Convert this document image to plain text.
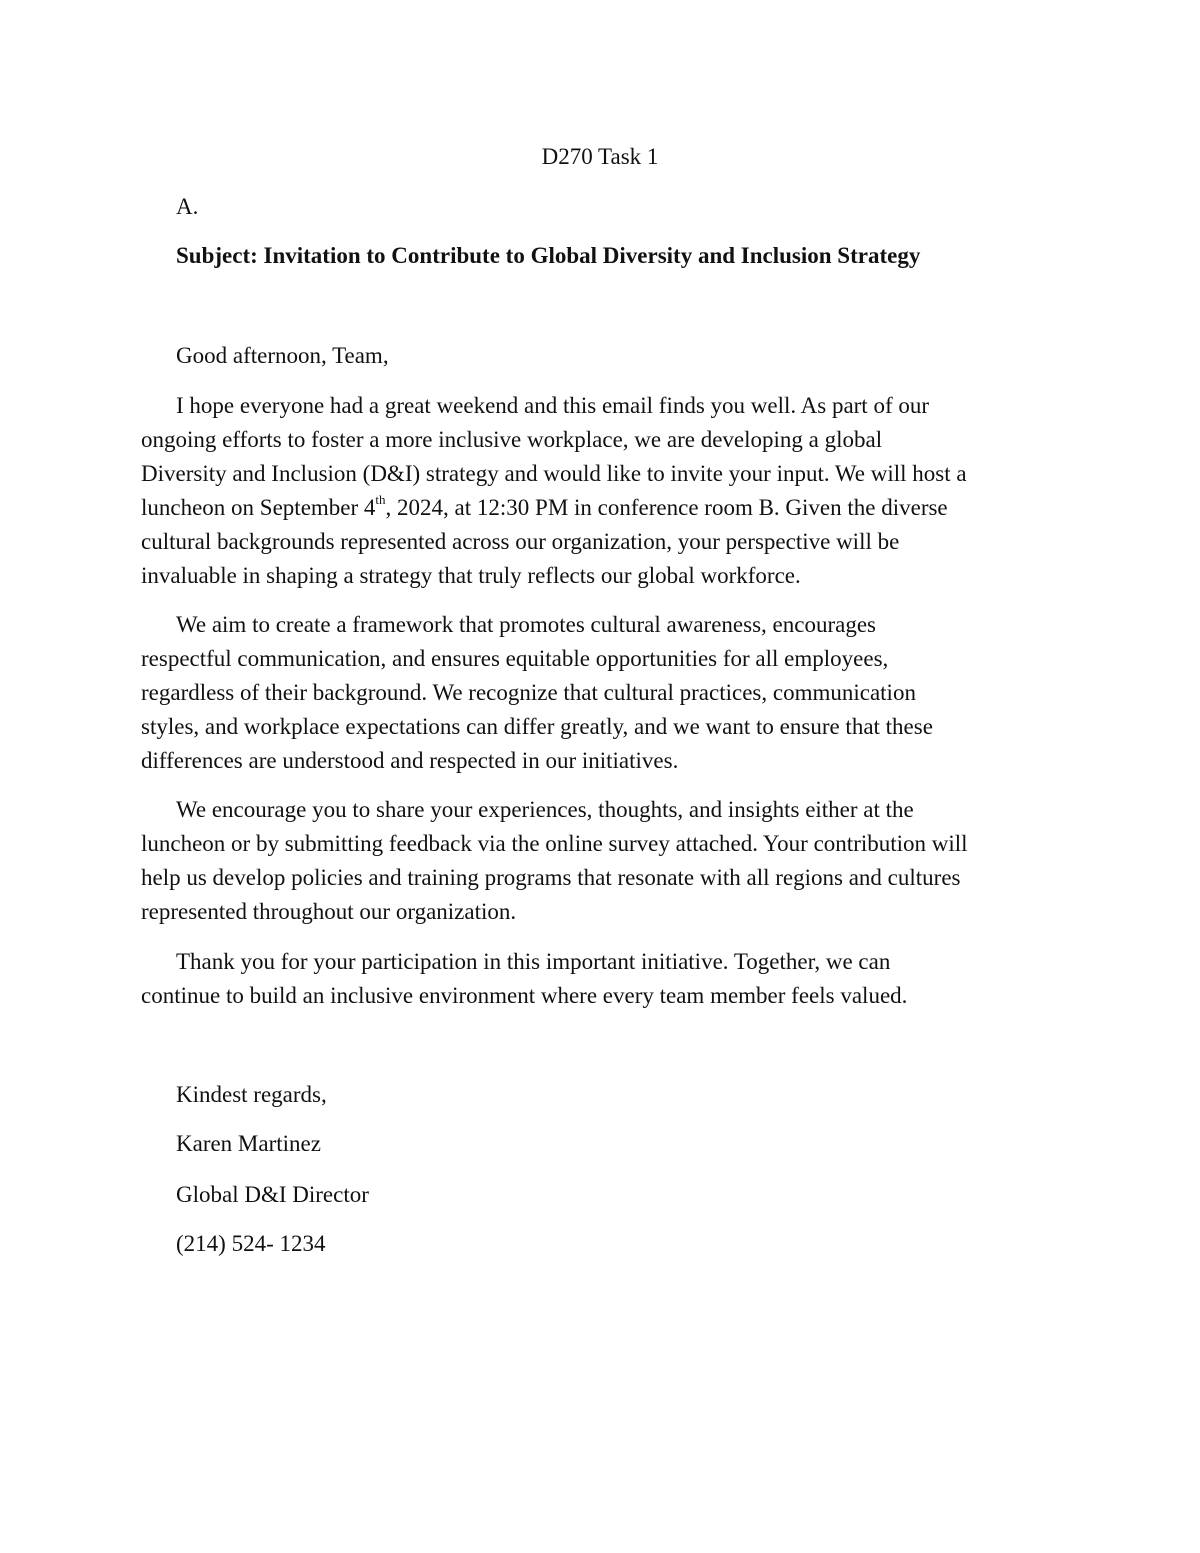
D270 Task 1
A.
Subject: Invitation to Contribute to Global Diversity and Inclusion Strategy
Good afternoon, Team,
I hope everyone had a great weekend and this email finds you well. As part of our
ongoing efforts to foster a more inclusive workplace, we are developing a global
Diversity and Inclusion (D&I) strategy and would like to invite your input. We will host a
luncheon on September 4th, 2024, at 12:30 PM in conference room B. Given the diverse
cultural backgrounds represented across our organization, your perspective will be
invaluable in shaping a strategy that truly reflects our global workforce.
We aim to create a framework that promotes cultural awareness, encourages
respectful communication, and ensures equitable opportunities for all employees,
regardless of their background. We recognize that cultural practices, communication
styles, and workplace expectations can differ greatly, and we want to ensure that these
differences are understood and respected in our initiatives.
We encourage you to share your experiences, thoughts, and insights either at the
luncheon or by submitting feedback via the online survey attached. Your contribution will
help us develop policies and training programs that resonate with all regions and cultures
represented throughout our organization.
Thank you for your participation in this important initiative. Together, we can
continue to build an inclusive environment where every team member feels valued.
Kindest regards,
Karen Martinez
Global D&I Director
(214) 524- 1234
